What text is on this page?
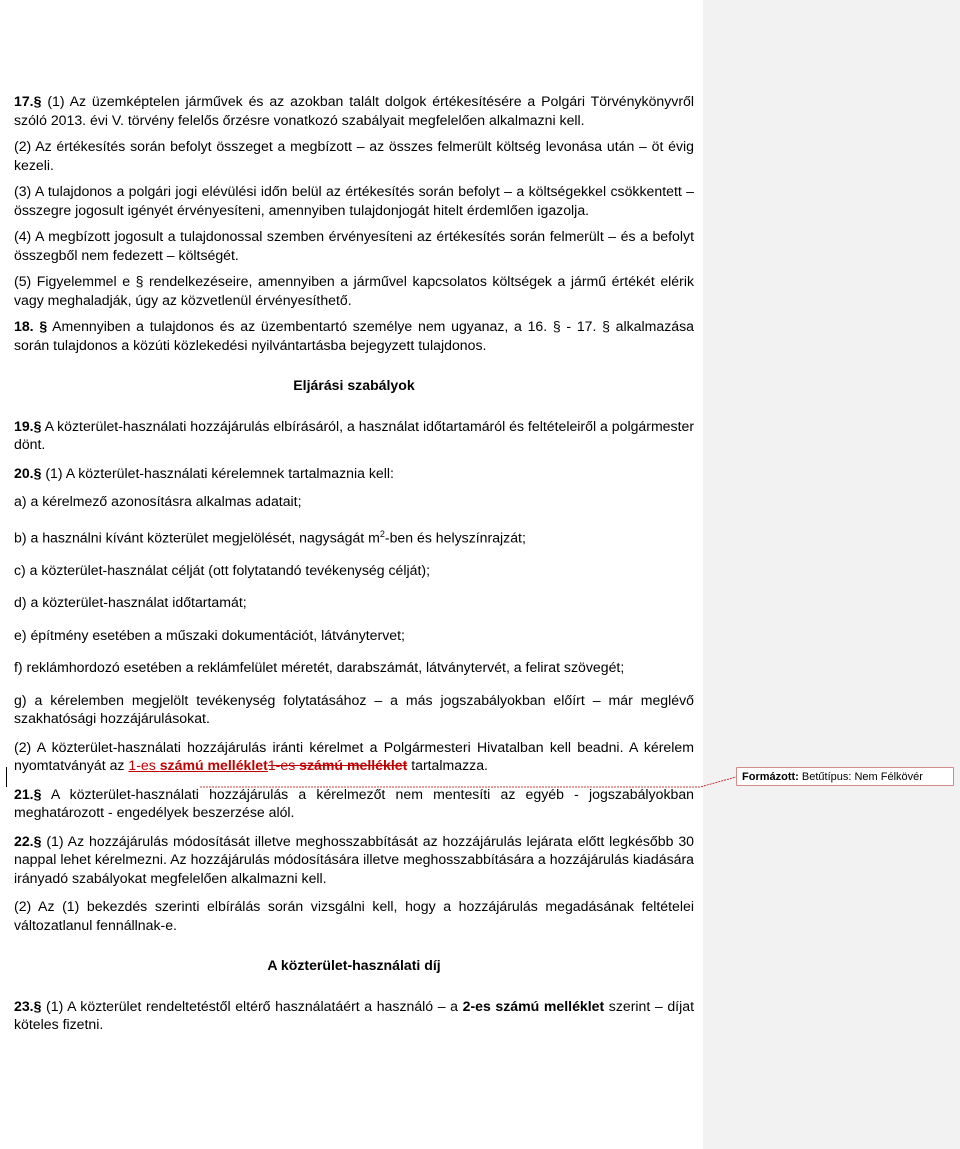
17.§ (1) Az üzemképtelen járművek és az azokban talált dolgok értékesítésére a Polgári Törvénykönyvről szóló 2013. évi V. törvény felelős őrzésre vonatkozó szabályait megfelelően alkalmazni kell.

(2) Az értékesítés során befolyt összeget a megbízott – az összes felmerült költség levonása után – öt évig kezeli.

(3) A tulajdonos a polgári jogi elévülési időn belül az értékesítés során befolyt – a költségekkel csökkentett – összegre jogosult igényét érvényesíteni, amennyiben tulajdonjogát hitelt érdemlően igazolja.

(4) A megbízott jogosult a tulajdonossal szemben érvényesíteni az értékesítés során felmerült – és a befolyt összegből nem fedezett – költségét.

(5) Figyelemmel e § rendelkezéseire, amennyiben a járművel kapcsolatos költségek a jármű értékét elérik vagy meghaladják, úgy az közvetlenül érvényesíthető.

18. § Amennyiben a tulajdonos és az üzembentartó személye nem ugyanaz, a 16. § - 17. § alkalmazása során tulajdonos a közúti közlekedési nyilvántartásba bejegyzett tulajdonos.

Eljárási szabályok

19.§ A közterület-használati hozzájárulás elbírásáról, a használat időtartamáról és feltételeiről a polgármester dönt.

20.§ (1) A közterület-használati kérelemnek tartalmaznia kell:

a) a kérelmező azonosításra alkalmas adatait;

b) a használni kívánt közterület megjelölését, nagyságát $m^2$-ben és helyszínrajzát;

c) a közterület-használat célját (ott folytatandó tevékenység célját);

d) a közterület-használat időtartamát;

e) építmény esetében a műszaki dokumentációt, látványtervet;

f) reklámhordozó esetében a reklámfelület méretét, darabszámát, látványtervét, a felirat szövegét;

g) a kérelemben megjelölt tevékenység folytatásához – a más jogszabályokban előírt – már meglévő szakhatósági hozzájárulásokat.

(2) A közterület-használati hozzájárulás iránti kérelmet a Polgármesteri Hivatalban kell beadni. A kérelem nyomtatványát az 1-es számú melléklet1-es számú melléklet tartalmazza.

21.§ A közterület-használati hozzájárulás a kérelmezőt nem mentesíti az egyéb - jogszabályokban meghatározott - engedélyek beszerzése alól.

22.§ (1) Az hozzájárulás módosítását illetve meghosszabbítását az hozzájárulás lejárata előtt legkésőbb 30 nappal lehet kérelmezni. Az hozzájárulás módosítására illetve meghosszabbítására a hozzájárulás kiadására irányadó szabályokat megfelelően alkalmazni kell.

(2) Az (1) bekezdés szerinti elbírálás során vizsgálni kell, hogy a hozzájárulás megadásának feltételei változatlanul fennállnak-e.

A közterület-használati díj

23.§ (1) A közterület rendeltetéstől eltérő használatáért a használó – a 2-es számú melléklet szerint – díjat köteles fizetni.

Formázott: Betűtípus: Nem Félkövér
